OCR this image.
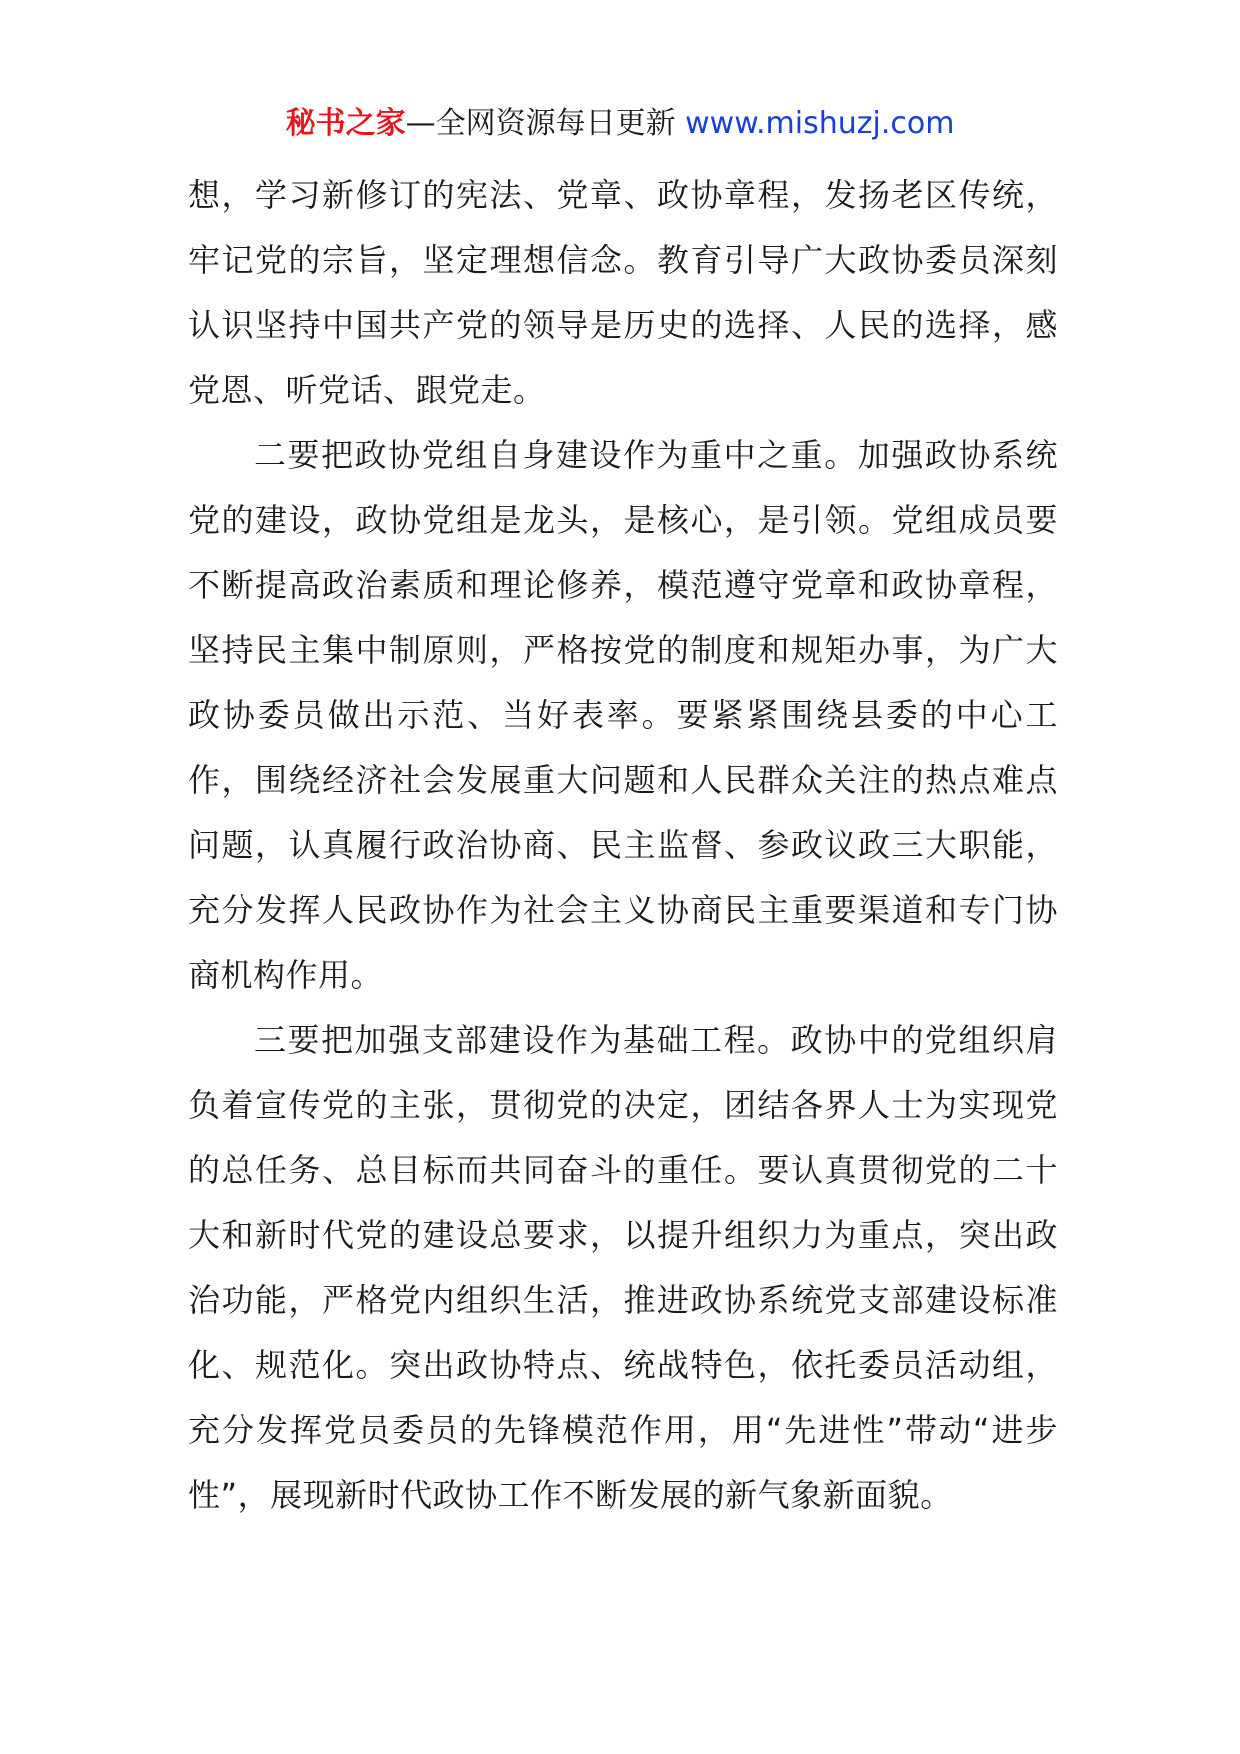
秘书之家—全网资源每日更新 www.mishuzj.com

想，学习新修订的宪法、党章、政协章程，发扬老区传统，牢记党的宗旨，坚定理想信念。教育引导广大政协委员深刻认识坚持中国共产党的领导是历史的选择、人民的选择，感党恩、听党话、跟党走。

二要把政协党组自身建设作为重中之重。加强政协系统党的建设，政协党组是龙头，是核心，是引领。党组成员要不断提高政治素质和理论修养，模范遵守党章和政协章程，坚持民主集中制原则，严格按党的制度和规矩办事，为广大政协委员做出示范、当好表率。要紧紧围绕县委的中心工作，围绕经济社会发展重大问题和人民群众关注的热点难点问题，认真履行政治协商、民主监督、参政议政三大职能，充分发挥人民政协作为社会主义协商民主重要渠道和专门协商机构作用。

三要把加强支部建设作为基础工程。政协中的党组织肩负着宣传党的主张，贯彻党的决定，团结各界人士为实现党的总任务、总目标而共同奋斗的重任。要认真贯彻党的二十大和新时代党的建设总要求，以提升组织力为重点，突出政治功能，严格党内组织生活，推进政协系统党支部建设标准化、规范化。突出政协特点、统战特色，依托委员活动组，充分发挥党员委员的先锋模范作用，用“先进性”带动“进步性”，展现新时代政协工作不断发展的新气象新面貌。
